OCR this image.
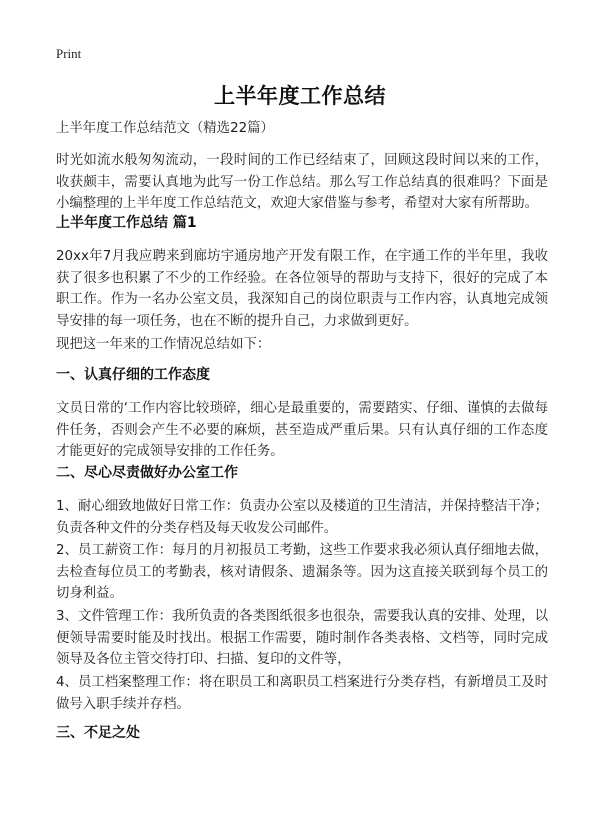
Print
上半年度工作总结
上半年度工作总结范文（精选22篇）
时光如流水般匆匆流动，一段时间的工作已经结束了，回顾这段时间以来的工作，收获颇丰，需要认真地为此写一份工作总结。那么写工作总结真的很难吗？下面是小编整理的上半年度工作总结范文，欢迎大家借鉴与参考，希望对大家有所帮助。
上半年度工作总结 篇1
20xx年7月我应聘来到廊坊宇通房地产开发有限工作，在宇通工作的半年里，我收获了很多也积累了不少的工作经验。在各位领导的帮助与支持下，很好的完成了本职工作。作为一名办公室文员，我深知自己的岗位职责与工作内容，认真地完成领导安排的每一项任务，也在不断的提升自己，力求做到更好。
现把这一年来的工作情况总结如下：
一、认真仔细的工作态度
文员日常的‘工作内容比较琐碎，细心是最重要的，需要踏实、仔细、谨慎的去做每件任务，否则会产生不必要的麻烦，甚至造成严重后果。只有认真仔细的工作态度才能更好的完成领导安排的工作任务。
二、尽心尽责做好办公室工作
1、耐心细致地做好日常工作：负责办公室以及楼道的卫生清洁，并保持整洁干净；负责各种文件的分类存档及每天收发公司邮件。
2、员工薪资工作：每月的月初报员工考勤，这些工作要求我必须认真仔细地去做，去检查每位员工的考勤表，核对请假条、遗漏条等。因为这直接关联到每个员工的切身利益。
3、文件管理工作：我所负责的各类图纸很多也很杂，需要我认真的安排、处理，以便领导需要时能及时找出。根据工作需要，随时制作各类表格、文档等，同时完成领导及各位主管交待打印、扫描、复印的文件等，
4、员工档案整理工作：将在职员工和离职员工档案进行分类存档，有新增员工及时做号入职手续并存档。
三、不足之处
